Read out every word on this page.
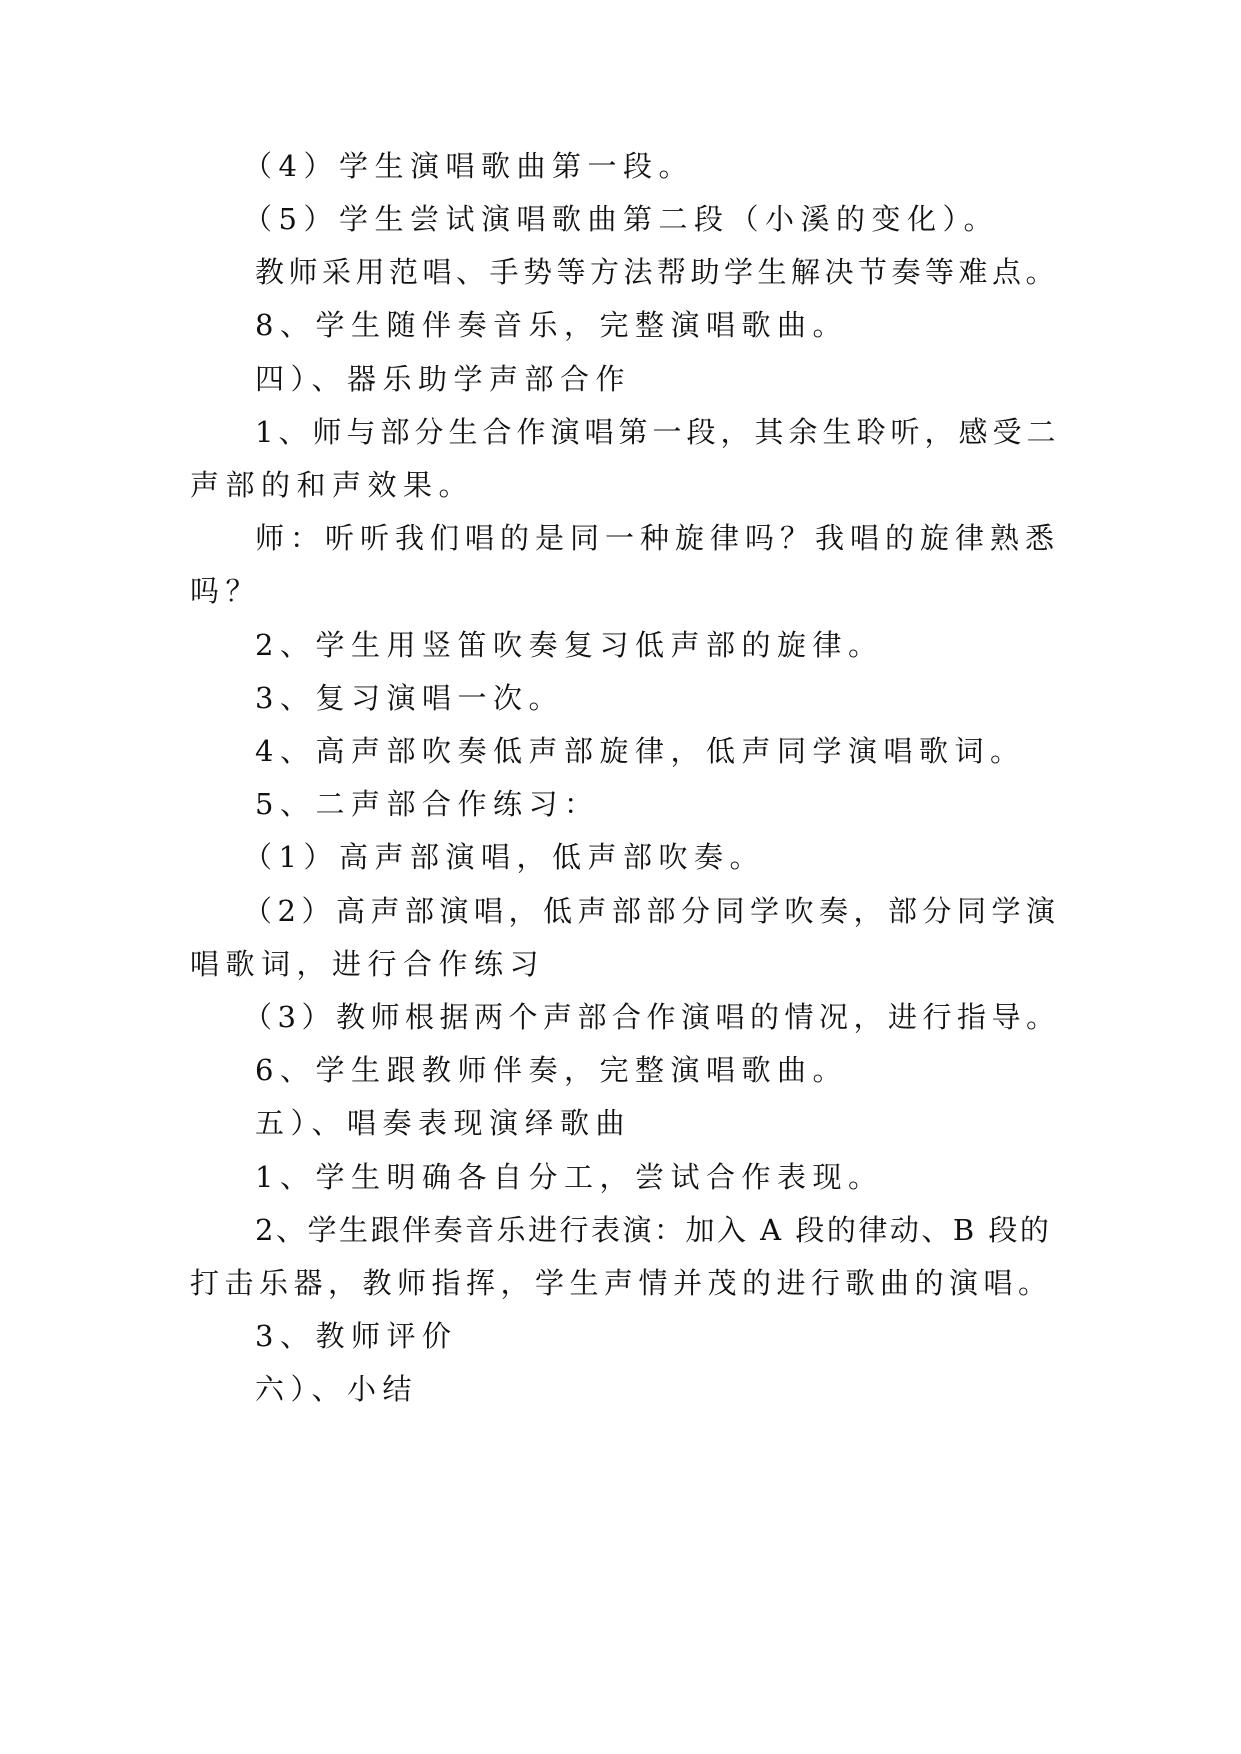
（4）学生演唱歌曲第一段。
（5）学生尝试演唱歌曲第二段（小溪的变化）。
教师采用范唱、手势等方法帮助学生解决节奏等难点。
8、学生随伴奏音乐，完整演唱歌曲。
四）、器乐助学声部合作
1、师与部分生合作演唱第一段，其余生聆听，感受二
声部的和声效果。
师：听听我们唱的是同一种旋律吗？我唱的旋律熟悉
吗？
2、学生用竖笛吹奏复习低声部的旋律。
3、复习演唱一次。
4、高声部吹奏低声部旋律，低声同学演唱歌词。
5、二声部合作练习：
（1）高声部演唱，低声部吹奏。
（2）高声部演唱，低声部部分同学吹奏，部分同学演
唱歌词，进行合作练习
（3）教师根据两个声部合作演唱的情况，进行指导。
6、学生跟教师伴奏，完整演唱歌曲。
五）、唱奏表现演绎歌曲
1、学生明确各自分工，尝试合作表现。
2、学生跟伴奏音乐进行表演：加入 A 段的律动、B 段的
打击乐器，教师指挥，学生声情并茂的进行歌曲的演唱。
3、教师评价
六）、小结
